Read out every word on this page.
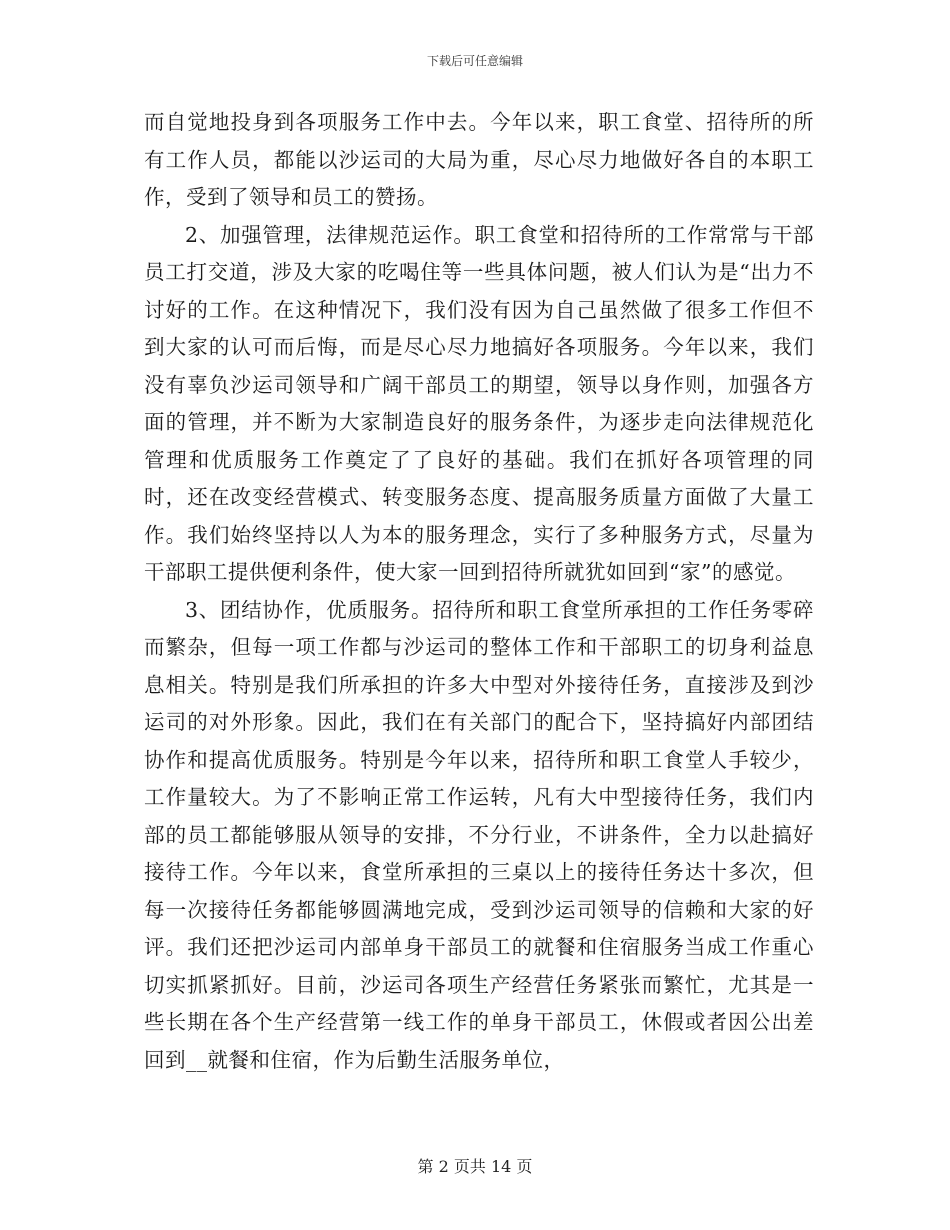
下载后可任意编辑

而自觉地投身到各项服务工作中去。今年以来，职工食堂、招待所的所有工作人员，都能以沙运司的大局为重，尽心尽力地做好各自的本职工作，受到了领导和员工的赞扬。

2、加强管理，法律规范运作。职工食堂和招待所的工作常常与干部员工打交道，涉及大家的吃喝住等一些具体问题，被人们认为是“出力不讨好的工作。在这种情况下，我们没有因为自己虽然做了很多工作但不到大家的认可而后悔，而是尽心尽力地搞好各项服务。今年以来，我们没有辜负沙运司领导和广阔干部员工的期望，领导以身作则，加强各方面的管理，并不断为大家制造良好的服务条件，为逐步走向法律规范化管理和优质服务工作奠定了了良好的基础。我们在抓好各项管理的同时，还在改变经营模式、转变服务态度、提高服务质量方面做了大量工作。我们始终坚持以人为本的服务理念，实行了多种服务方式，尽量为干部职工提供便利条件，使大家一回到招待所就犹如回到“家”的感觉。

3、团结协作，优质服务。招待所和职工食堂所承担的工作任务零碎而繁杂，但每一项工作都与沙运司的整体工作和干部职工的切身利益息息相关。特别是我们所承担的许多大中型对外接待任务，直接涉及到沙运司的对外形象。因此，我们在有关部门的配合下，坚持搞好内部团结协作和提高优质服务。特别是今年以来，招待所和职工食堂人手较少，工作量较大。为了不影响正常工作运转，凡有大中型接待任务，我们内部的员工都能够服从领导的安排，不分行业，不讲条件，全力以赴搞好接待工作。今年以来，食堂所承担的三桌以上的接待任务达十多次，但每一次接待任务都能够圆满地完成，受到沙运司领导的信赖和大家的好评。我们还把沙运司内部单身干部员工的就餐和住宿服务当成工作重心切实抓紧抓好。目前，沙运司各项生产经营任务紧张而繁忙，尤其是一些长期在各个生产经营第一线工作的单身干部员工，休假或者因公出差回到__就餐和住宿，作为后勤生活服务单位，

第 2 页共 14 页
